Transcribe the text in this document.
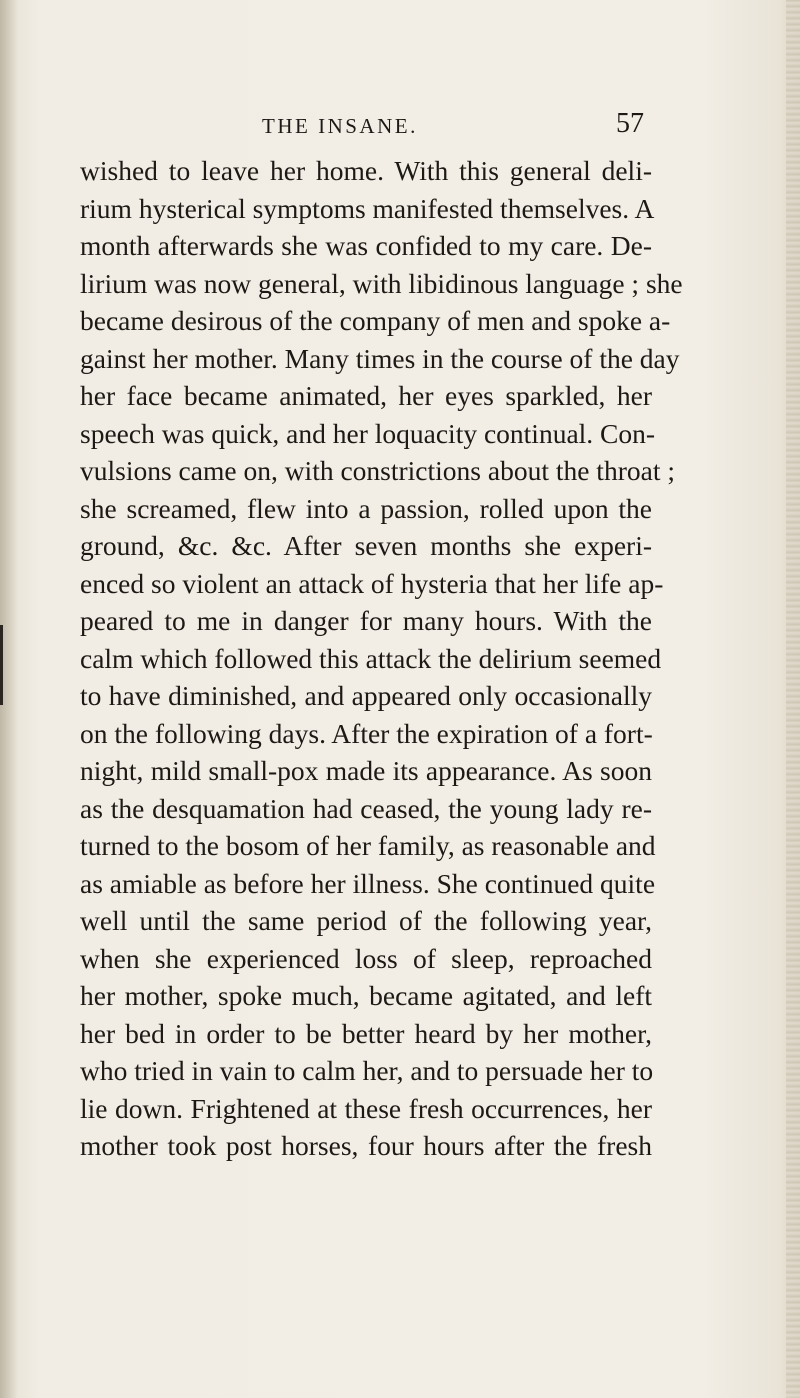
THE INSANE.	57
wished to leave her home. With this general deli-
rium hysterical symptoms manifested themselves. A
month afterwards she was confided to my care. De-
lirium was now general, with libidinous language ; she
became desirous of the company of men and spoke a-
gainst her mother. Many times in the course of the day
her face became animated, her eyes sparkled, her
speech was quick, and her loquacity continual. Con-
vulsions came on, with constrictions about the throat ;
she screamed, flew into a passion, rolled upon the
ground, &c. &c. After seven months she experi-
enced so violent an attack of hysteria that her life ap-
peared to me in danger for many hours. With the
calm which followed this attack the delirium seemed
to have diminished, and appeared only occasionally
on the following days. After the expiration of a fort-
night, mild small-pox made its appearance. As soon
as the desquamation had ceased, the young lady re-
turned to the bosom of her family, as reasonable and
as amiable as before her illness. She continued quite
well until the same period of the following year,
when she experienced loss of sleep, reproached
her mother, spoke much, became agitated, and left
her bed in order to be better heard by her mother,
who tried in vain to calm her, and to persuade her to
lie down. Frightened at these fresh occurrences, her
mother took post horses, four hours after the fresh
